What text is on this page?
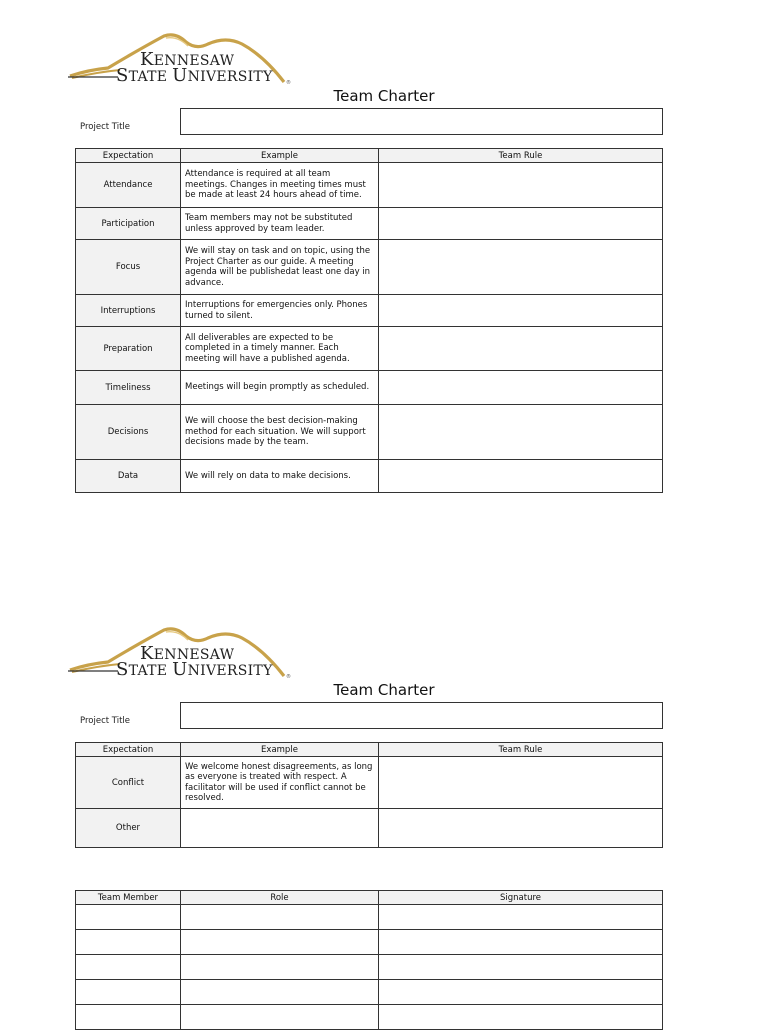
®
KENNESAW
STATE UNIVERSITY
Team Charter
Project Title
Expectation	Example	Team Rule
Attendance	Attendance is required at all team meetings. Changes in meeting times must be made at least 24 hours ahead of time.	
Participation	Team members may not be substituted unless approved by team leader.	
Focus	We will stay on task and on topic, using the Project Charter as our guide. A meeting agenda will be publishedat least one day in advance.	
Interruptions	Interruptions for emergencies only. Phones turned to silent.	
Preparation	All deliverables are expected to be completed in a timely manner. Each meeting will have a published agenda.	
Timeliness	Meetings will begin promptly as scheduled.	
Decisions	We will choose the best decision-making method for each situation. We will support decisions made by the team.	
Data	We will rely on data to make decisions.	
®
KENNESAW
STATE UNIVERSITY
Team Charter
Project Title
Expectation	Example	Team Rule
Conflict	We welcome honest disagreements, as long as everyone is treated with respect. A facilitator will be used if conflict cannot be resolved.	
Other		
Team Member	Role	Signature
